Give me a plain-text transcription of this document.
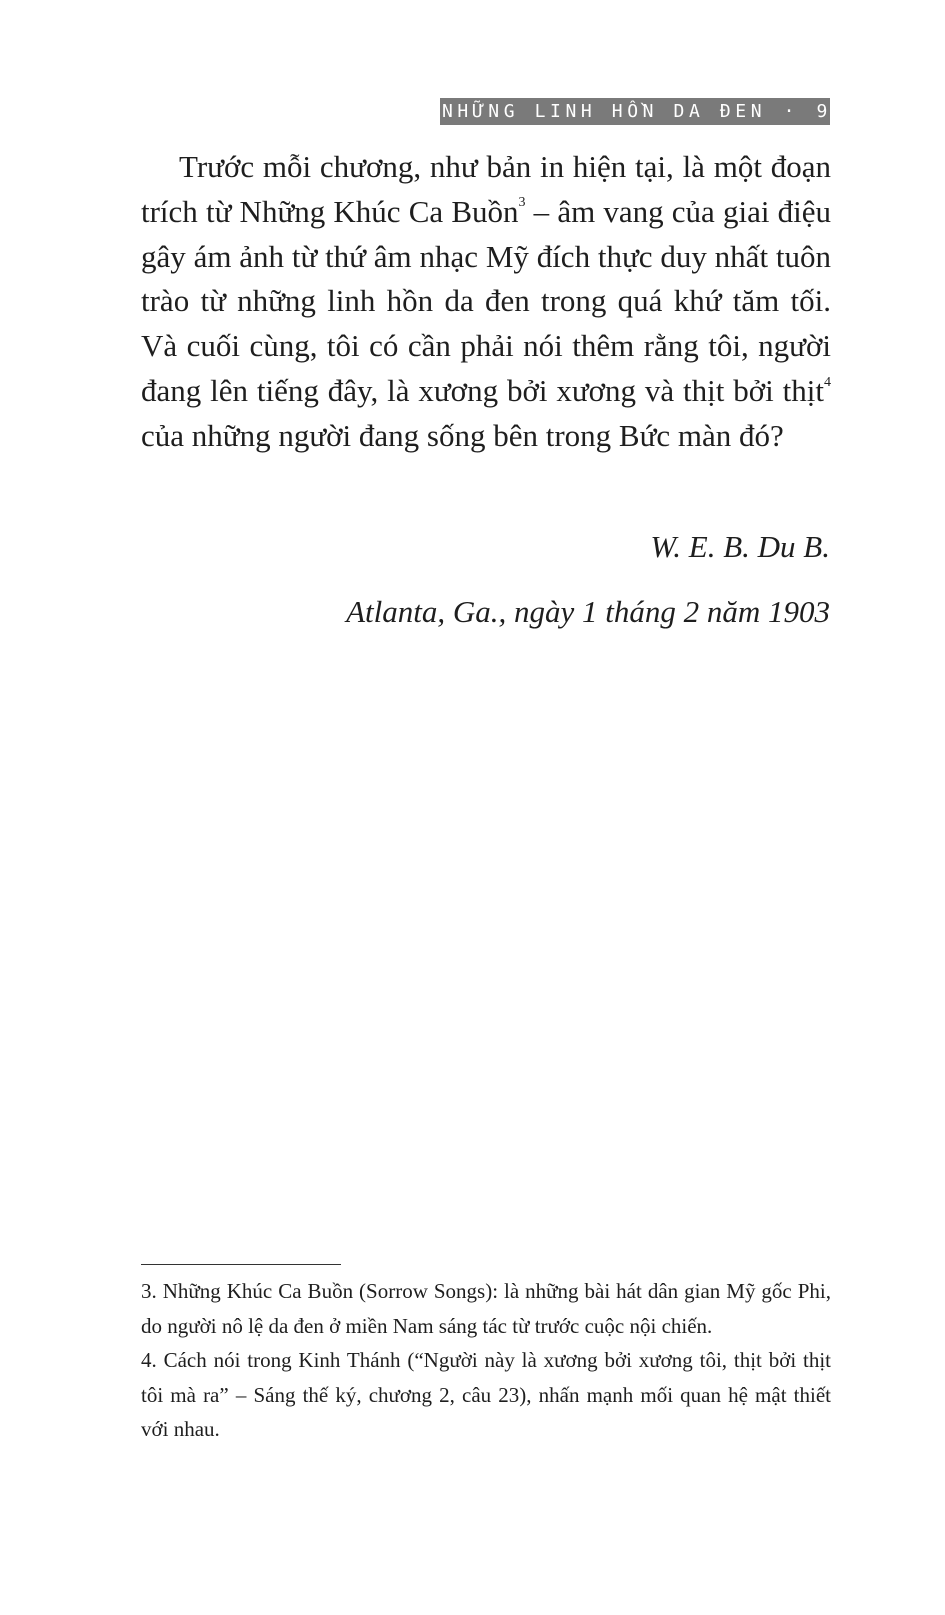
NHỮNG LINH HỒN DA ĐEN · 9

Trước mỗi chương, như bản in hiện tại, là một đoạn trích từ Những Khúc Ca Buồn$^3$ – âm vang của giai điệu gây ám ảnh từ thứ âm nhạc Mỹ đích thực duy nhất tuôn trào từ những linh hồn da đen trong quá khứ tăm tối. Và cuối cùng, tôi có cần phải nói thêm rằng tôi, người đang lên tiếng đây, là xương bởi xương và thịt bởi thịt$^4$ của những người đang sống bên trong Bức màn đó?

W. E. B. Du B.

Atlanta, Ga., ngày 1 tháng 2 năm 1903

3. Những Khúc Ca Buồn (Sorrow Songs): là những bài hát dân gian Mỹ gốc Phi, do người nô lệ da đen ở miền Nam sáng tác từ trước cuộc nội chiến.

4. Cách nói trong Kinh Thánh (“Người này là xương bởi xương tôi, thịt bởi thịt tôi mà ra” – Sáng thế ký, chương 2, câu 23), nhấn mạnh mối quan hệ mật thiết với nhau.
